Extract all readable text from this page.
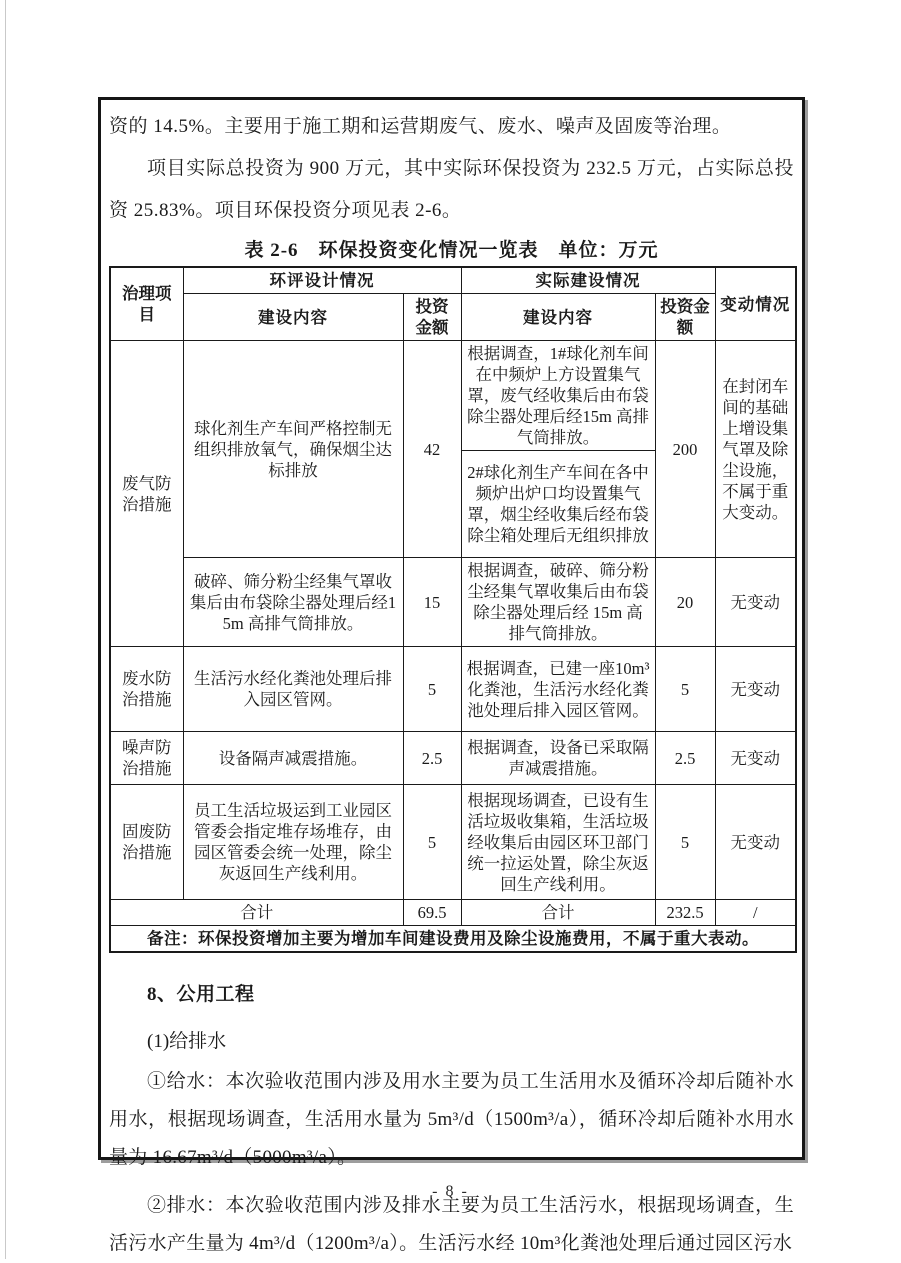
资的 14.5%。主要用于施工期和运营期废气、废水、噪声及固废等治理。

项目实际总投资为 900 万元，其中实际环保投资为 232.5 万元，占实际总投资 25.83%。项目环保投资分项见表 2-6。

表 2-6　环保投资变化情况一览表　单位：万元
治理项目	环评设计情况		实际建设情况		变动情况
	建设内容	投资金额	建设内容	投资金额	
废气防治措施	球化剂生产车间严格控制无组织排放氧气，确保烟尘达标排放	42	根据调查，1#球化剂车间在中频炉上方设置集气罩，废气经收集后由布袋除尘器处理后经15m 高排气筒排放。	200	在封闭车间的基础上增设集气罩及除尘设施，不属于重大变动。
			2#球化剂生产车间在各中频炉出炉口均设置集气罩，烟尘经收集后经布袋除尘箱处理后无组织排放		
	破碎、筛分粉尘经集气罩收集后由布袋除尘器处理后经15m 高排气筒排放。	15	根据调查，破碎、筛分粉尘经集气罩收集后由布袋除尘器处理后经 15m 高排气筒排放。	20	无变动
废水防治措施	生活污水经化粪池处理后排入园区管网。	5	根据调查，已建一座10m³化粪池，生活污水经化粪池处理后排入园区管网。	5	无变动
噪声防治措施	设备隔声减震措施。	2.5	根据调查，设备已采取隔声减震措施。	2.5	无变动
固废防治措施	员工生活垃圾运到工业园区管委会指定堆存场堆存，由园区管委会统一处理，除尘灰返回生产线利用。	5	根据现场调查，已设有生活垃圾收集箱，生活垃圾经收集后由园区环卫部门统一拉运处置，除尘灰返回生产线利用。	5	无变动
合计		69.5	合计	232.5	/
备注：环保投资增加主要为增加车间建设费用及除尘设施费用，不属于重大表动。					
8、公用工程
(1)给排水

①给水：本次验收范围内涉及用水主要为员工生活用水及循环冷却后随补水用水，根据现场调查，生活用水量为 5m³/d（1500m³/a），循环冷却后随补水用水量为 16.67m³/d（5000m³/a）。

②排水：本次验收范围内涉及排水主要为员工生活污水，根据现场调查，生活污水产生量为 4m³/d（1200m³/a）。生活污水经 10m³化粪池处理后通过园区污水

- 8 -
